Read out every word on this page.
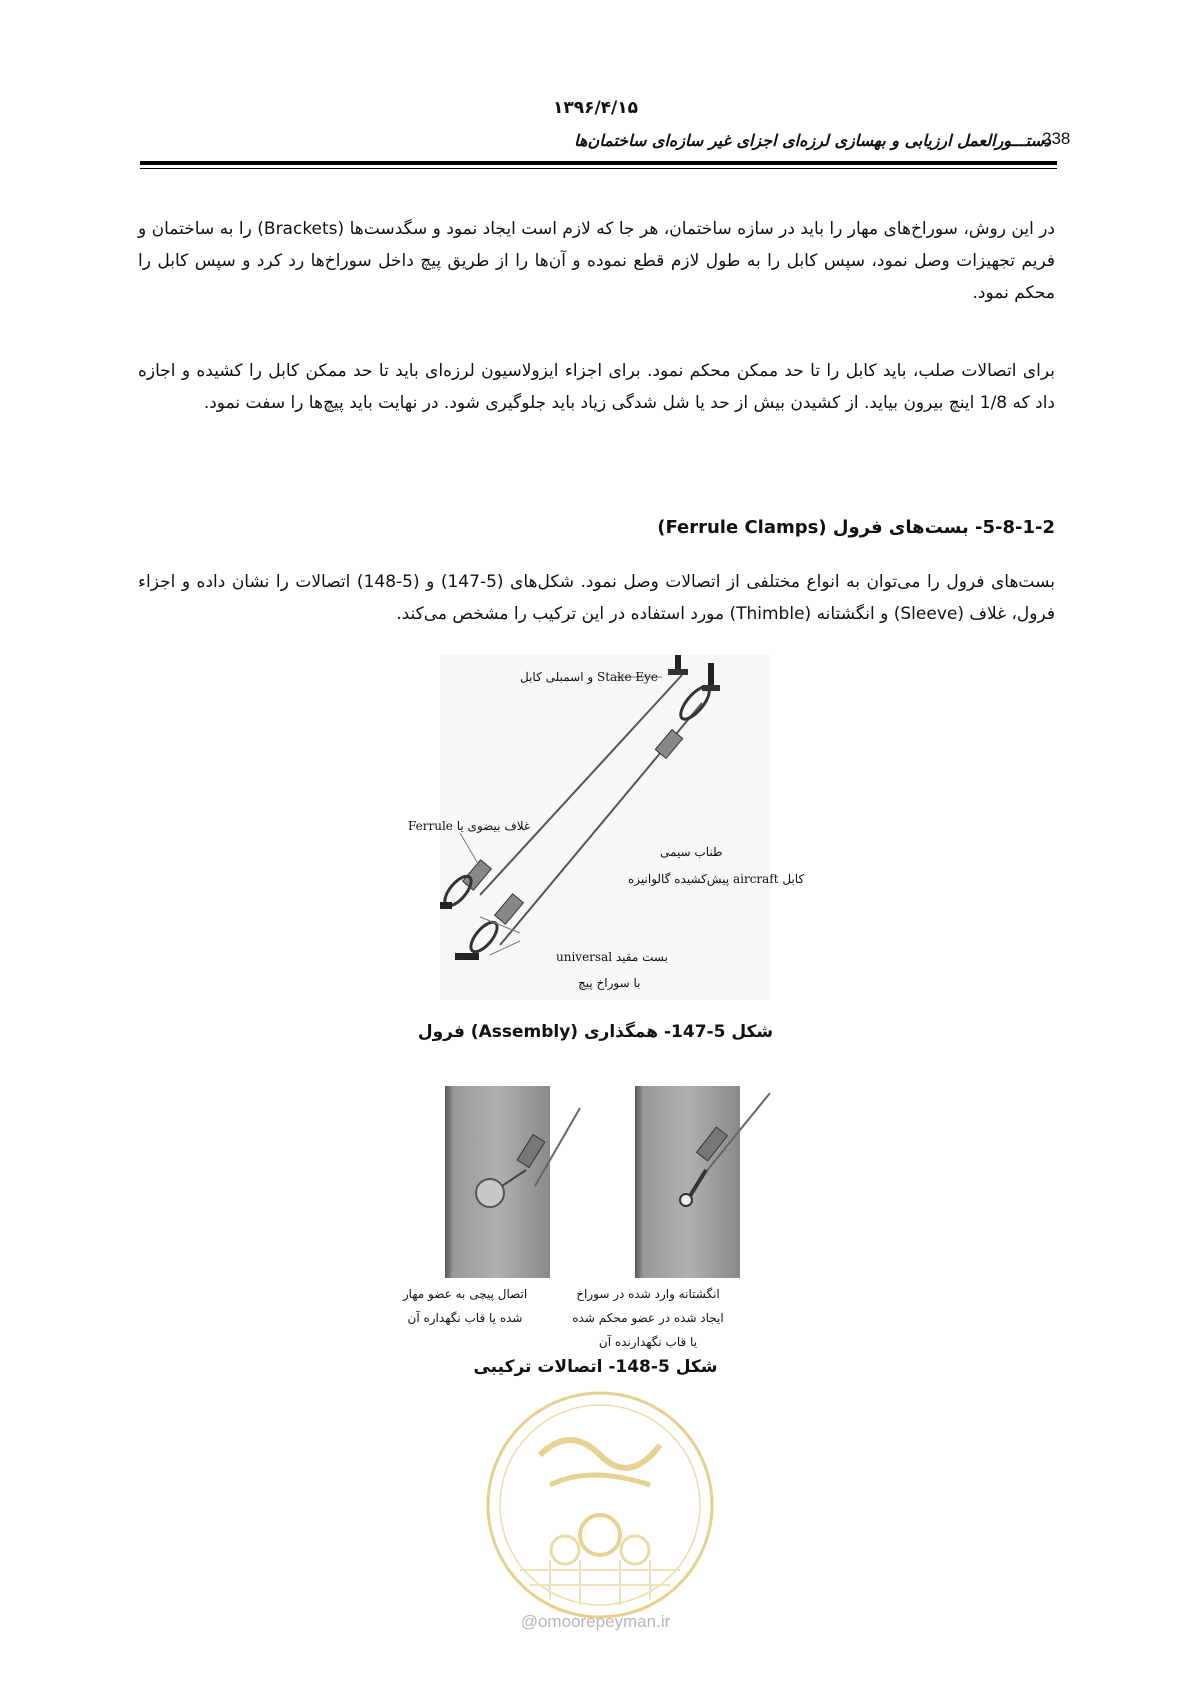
۱۳۹۶/۴/۱۵
دستـــورالعمل ارزيابى و بهسازى لرزه‌اى اجزاى غير سازه‌اى ساختمان‌ها
238
در اين روش، سوراخ‌هاى مهار را بايد در سازه ساختمان، هر جا كه لازم است ايجاد نمود و سگدست‌ها (Brackets) را به ساختمان و فريم تجهيزات وصل نمود، سپس كابل را به طول لازم قطع نموده و آن‌ها را از طريق پيچ داخل سوراخ‌ها رد كرد و سپس كابل را محكم نمود.
براى اتصالات صلب، بايد كابل را تا حد ممكن محكم نمود. براى اجزاء ايزولاسيون لرزه‌اى بايد تا حد ممكن كابل را كشيده و اجازه داد كه 1/8 اينچ بيرون بيايد. از كشيدن بيش از حد يا شل شدگى زياد بايد جلوگيرى شود. در نهايت بايد پيچ‌ها را سفت نمود.
5-8-1-2- بست‌هاى فرول (Ferrule Clamps)
بست‌هاى فرول را مى‌توان به انواع مختلفى از اتصالات وصل نمود. شكل‌هاى (5-147) و (5-148) اتصالات را نشان داده و اجزاء فرول، غلاف (Sleeve) و انگشتانه (Thimble) مورد استفاده در اين تركيب را مشخص مى‌كند.
Stake Eye و اسمبلى كابل
غلاف بيضوى يا Ferrule
طناب سيمى
كابل aircraft پيش‌كشيده گالوانيزه
بست مقيد universal
با سوراخ پيچ
شكل 5-147- همگذارى (Assembly) فرول
اتصال پيچى به عضو مهار
شده يا قاب نگهداره آن
انگشتانه وارد شده در سوراخ
ايجاد شده در عضو محكم شده
يا قاب نگهدارنده آن
شكل 5-148- اتصالات تركيبى
@omoorepeyman.ir
